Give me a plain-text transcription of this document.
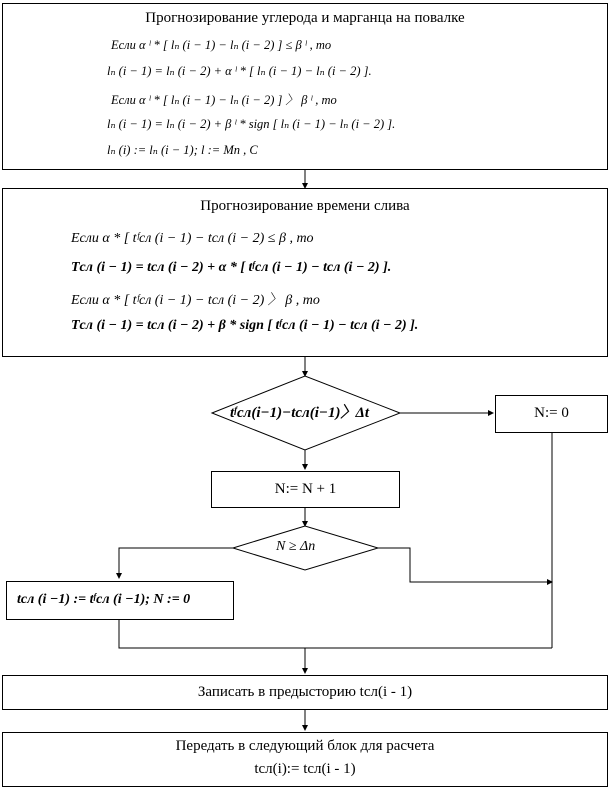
Прогнозирование углерода и марганца на повалке
Если α ˡ * [ lₙ (i − 1) − lₙ (i − 2) ] ≤ β ˡ , то
lₙ (i − 1) = lₙ (i − 2) + α ˡ * [ lₙ (i − 1) − lₙ (i − 2) ].
Если α ˡ * [ lₙ (i − 1) − lₙ (i − 2) ] 〉 β ˡ , то
lₙ (i − 1) = lₙ (i − 2) + β ˡ * sign [ lₙ (i − 1) − lₙ (i − 2) ].
lₙ (i) := lₙ (i − 1); l := Mn , C
Прогнозирование времени слива
Если α * [ tᶠсл (i − 1) − tсл (i − 2) ≤ β , то
Tсл (i − 1) = tсл (i − 2) + α * [ tᶠсл (i − 1) − tсл (i − 2) ].
Если α * [ tᶠсл (i − 1) − tсл (i − 2) 〉 β , то
Tсл (i − 1) = tсл (i − 2) + β * sign [ tᶠсл (i − 1) − tсл (i − 2) ].
tᶠсл(i−1)−tсл(i−1)〉Δt	N:= 0
N:= N + 1
N ≥ Δn
tсл (i −1) := tᶠсл (i −1); N := 0
Записать в предысторию tсл(i - 1)
Передать в следующий блок для расчета
tсл(i):= tсл(i - 1)
